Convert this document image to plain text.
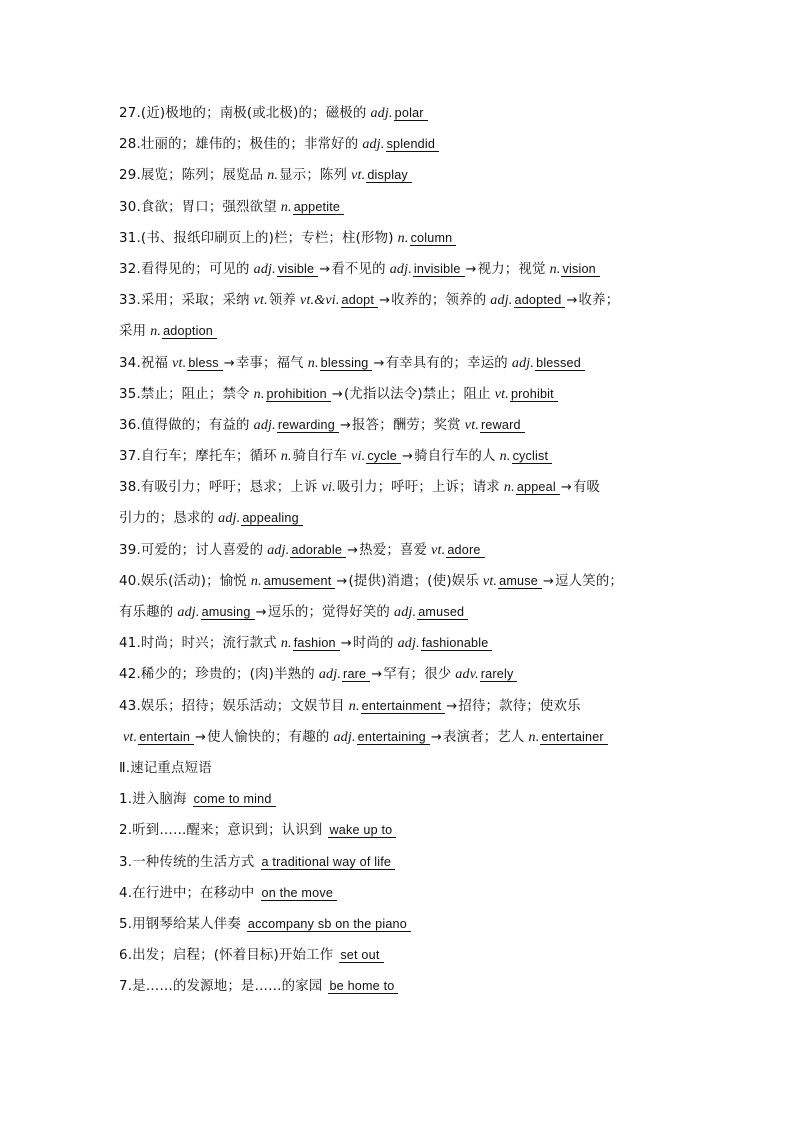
27.(近)极地的；南极(或北极)的；磁极的 adj. polar
28.壮丽的；雄伟的；极佳的；非常好的 adj. splendid
29.展览；陈列；展览品 n.显示；陈列 vt. display
30.食欲；胃口；强烈欲望 n. appetite
31.(书、报纸印刷页上的)栏；专栏；柱(形物) n. column
32.看得见的；可见的 adj. visible →看不见的 adj. invisible →视力；视觉 n. vision
33.采用；采取；采纳 vt.领养 vt.&vi. adopt →收养的；领养的 adj. adopted →收养；
采用 n. adoption
34.祝福 vt. bless →幸事；福气 n. blessing →有幸具有的；幸运的 adj. blessed
35.禁止；阻止；禁令 n. prohibition →(尤指以法令)禁止；阻止 vt. prohibit
36.值得做的；有益的 adj. rewarding →报答；酬劳；奖赏 vt. reward
37.自行车；摩托车；循环 n.骑自行车 vi. cycle →骑自行车的人 n. cyclist
38.有吸引力；呼吁；恳求；上诉 vi.吸引力；呼吁；上诉；请求 n. appeal →有吸
引力的；恳求的 adj. appealing
39.可爱的；讨人喜爱的 adj. adorable →热爱；喜爱 vt. adore
40.娱乐(活动)；愉悦 n. amusement →(提供)消遣；(使)娱乐 vt. amuse →逗人笑的；
有乐趣的 adj. amusing →逗乐的；觉得好笑的 adj. amused
41.时尚；时兴；流行款式 n. fashion →时尚的 adj. fashionable
42.稀少的；珍贵的；(肉)半熟的 adj. rare →罕有；很少 adv. rarely
43.娱乐；招待；娱乐活动；文娱节目 n. entertainment →招待；款待；使欢乐
vt. entertain →使人愉快的；有趣的 adj. entertaining →表演者；艺人 n. entertainer
Ⅱ.速记重点短语
1.进入脑海 come to mind
2.听到……醒来；意识到；认识到 wake up to
3.一种传统的生活方式 a traditional way of life
4.在行进中；在移动中 on the move
5.用钢琴给某人伴奏 accompany sb on the piano
6.出发；启程；(怀着目标)开始工作 set out
7.是……的发源地；是……的家园 be home to
